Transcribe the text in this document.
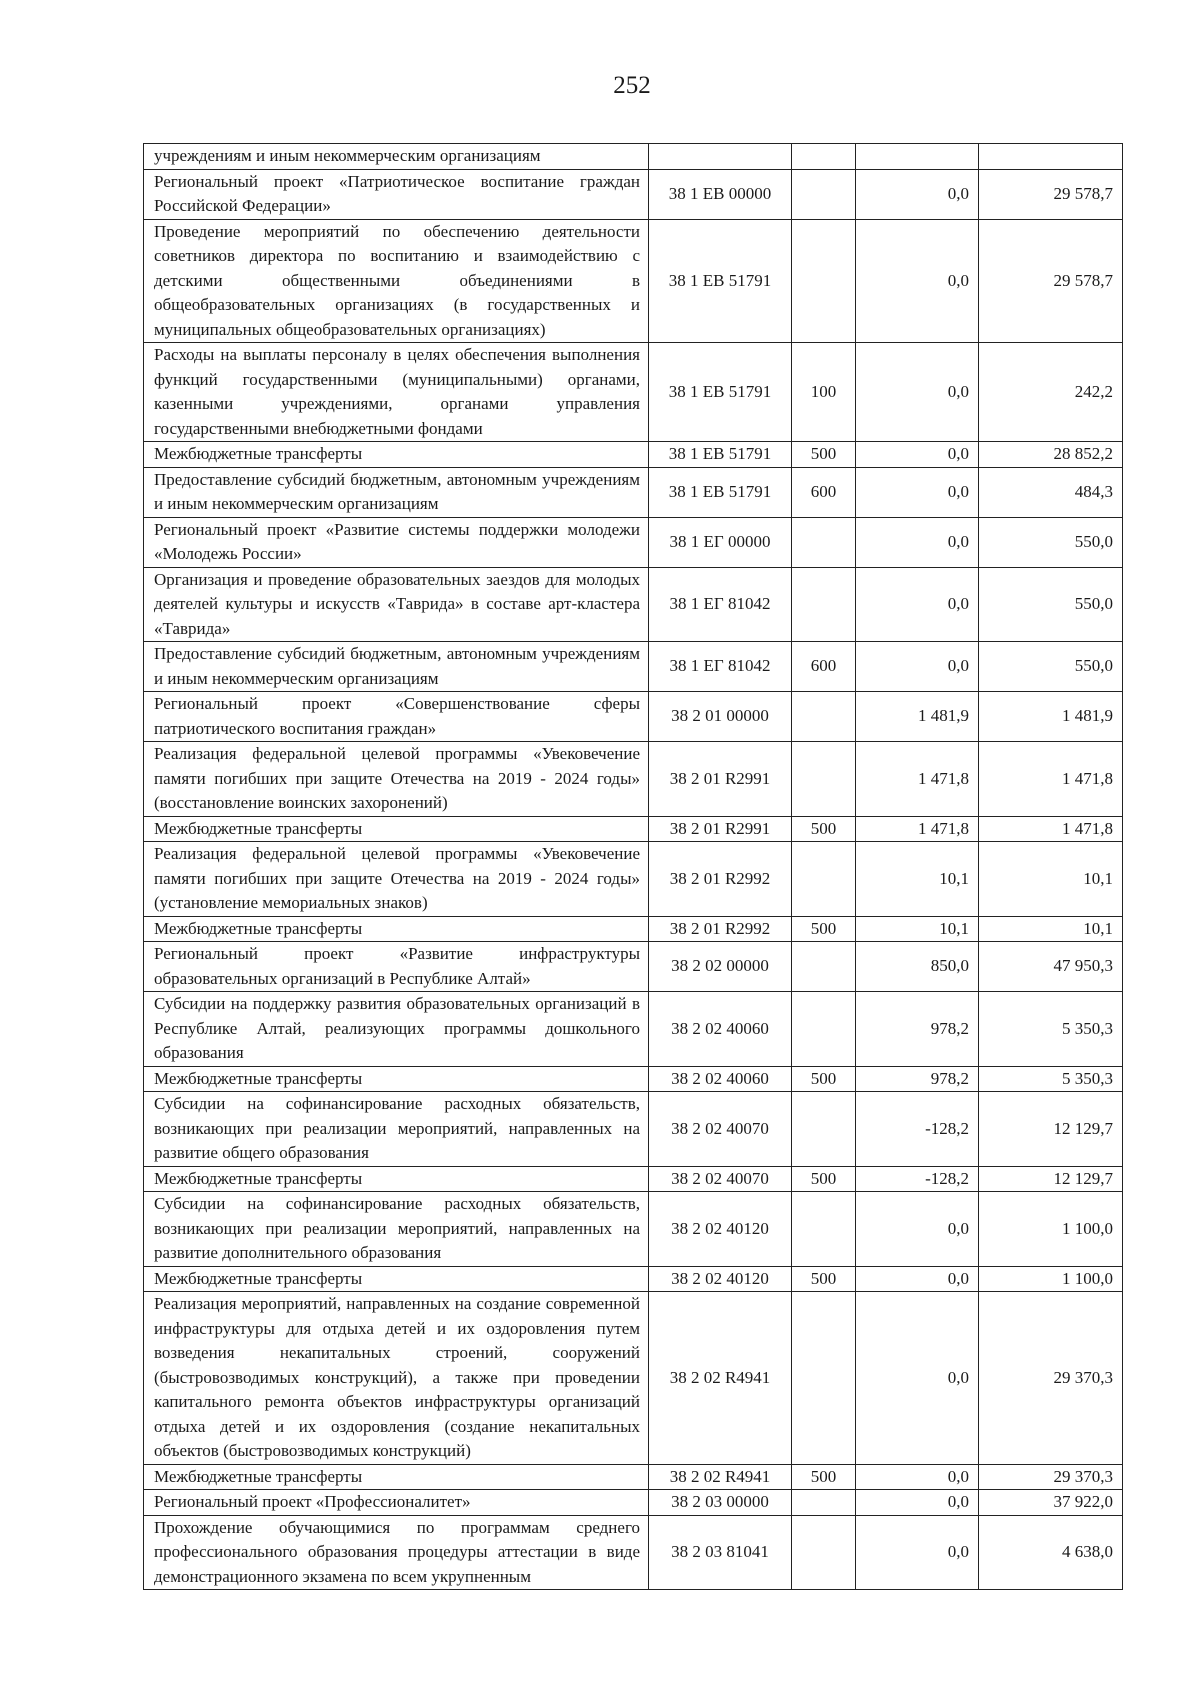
252
учреждениям и иным некоммерческим организациям				
Региональный проект «Патриотическое воспитание граждан Российской Федерации»	38 1 EB 00000		0,0	29 578,7
Проведение мероприятий по обеспечению деятельности советников директора по воспитанию и взаимодействию с детскими общественными объединениями в общеобразовательных организациях (в государственных и муниципальных общеобразовательных организациях)	38 1 EB 51791		0,0	29 578,7
Расходы на выплаты персоналу в целях обеспечения выполнения функций государственными (муниципальными) органами, казенными учреждениями, органами управления государственными внебюджетными фондами	38 1 EB 51791	100	0,0	242,2
Межбюджетные трансферты	38 1 EB 51791	500	0,0	28 852,2
Предоставление субсидий бюджетным, автономным учреждениям и иным некоммерческим организациям	38 1 EB 51791	600	0,0	484,3
Региональный проект «Развитие системы поддержки молодежи «Молодежь России»	38 1 EГ 00000		0,0	550,0
Организация и проведение образовательных заездов для молодых деятелей культуры и искусств «Таврида» в составе арт-кластера «Таврида»	38 1 EГ 81042		0,0	550,0
Предоставление субсидий бюджетным, автономным учреждениям и иным некоммерческим организациям	38 1 EГ 81042	600	0,0	550,0
Региональный проект «Совершенствование сферы патриотического воспитания граждан»	38 2 01 00000		1 481,9	1 481,9
Реализация федеральной целевой программы «Увековечение памяти погибших при защите Отечества на 2019 - 2024 годы» (восстановление воинских захоронений)	38 2 01 R2991		1 471,8	1 471,8
Межбюджетные трансферты	38 2 01 R2991	500	1 471,8	1 471,8
Реализация федеральной целевой программы «Увековечение памяти погибших при защите Отечества на 2019 - 2024 годы» (установление мемориальных знаков)	38 2 01 R2992		10,1	10,1
Межбюджетные трансферты	38 2 01 R2992	500	10,1	10,1
Региональный проект «Развитие инфраструктуры образовательных организаций в Республике Алтай»	38 2 02 00000		850,0	47 950,3
Субсидии на поддержку развития образовательных организаций в Республике Алтай, реализующих программы дошкольного образования	38 2 02 40060		978,2	5 350,3
Межбюджетные трансферты	38 2 02 40060	500	978,2	5 350,3
Субсидии на софинансирование расходных обязательств, возникающих при реализации мероприятий, направленных на развитие общего образования	38 2 02 40070		-128,2	12 129,7
Межбюджетные трансферты	38 2 02 40070	500	-128,2	12 129,7
Субсидии на софинансирование расходных обязательств, возникающих при реализации мероприятий, направленных на развитие дополнительного образования	38 2 02 40120		0,0	1 100,0
Межбюджетные трансферты	38 2 02 40120	500	0,0	1 100,0
Реализация мероприятий, направленных на создание современной инфраструктуры для отдыха детей и их оздоровления путем возведения некапитальных строений, сооружений (быстровозводимых конструкций), а также при проведении капитального ремонта объектов инфраструктуры организаций отдыха детей и их оздоровления (создание некапитальных объектов (быстровозводимых конструкций)	38 2 02 R4941		0,0	29 370,3
Межбюджетные трансферты	38 2 02 R4941	500	0,0	29 370,3
Региональный проект «Профессионалитет»	38 2 03 00000		0,0	37 922,0
Прохождение обучающимися по программам среднего профессионального образования процедуры аттестации в виде демонстрационного экзамена по всем укрупненным	38 2 03 81041		0,0	4 638,0
